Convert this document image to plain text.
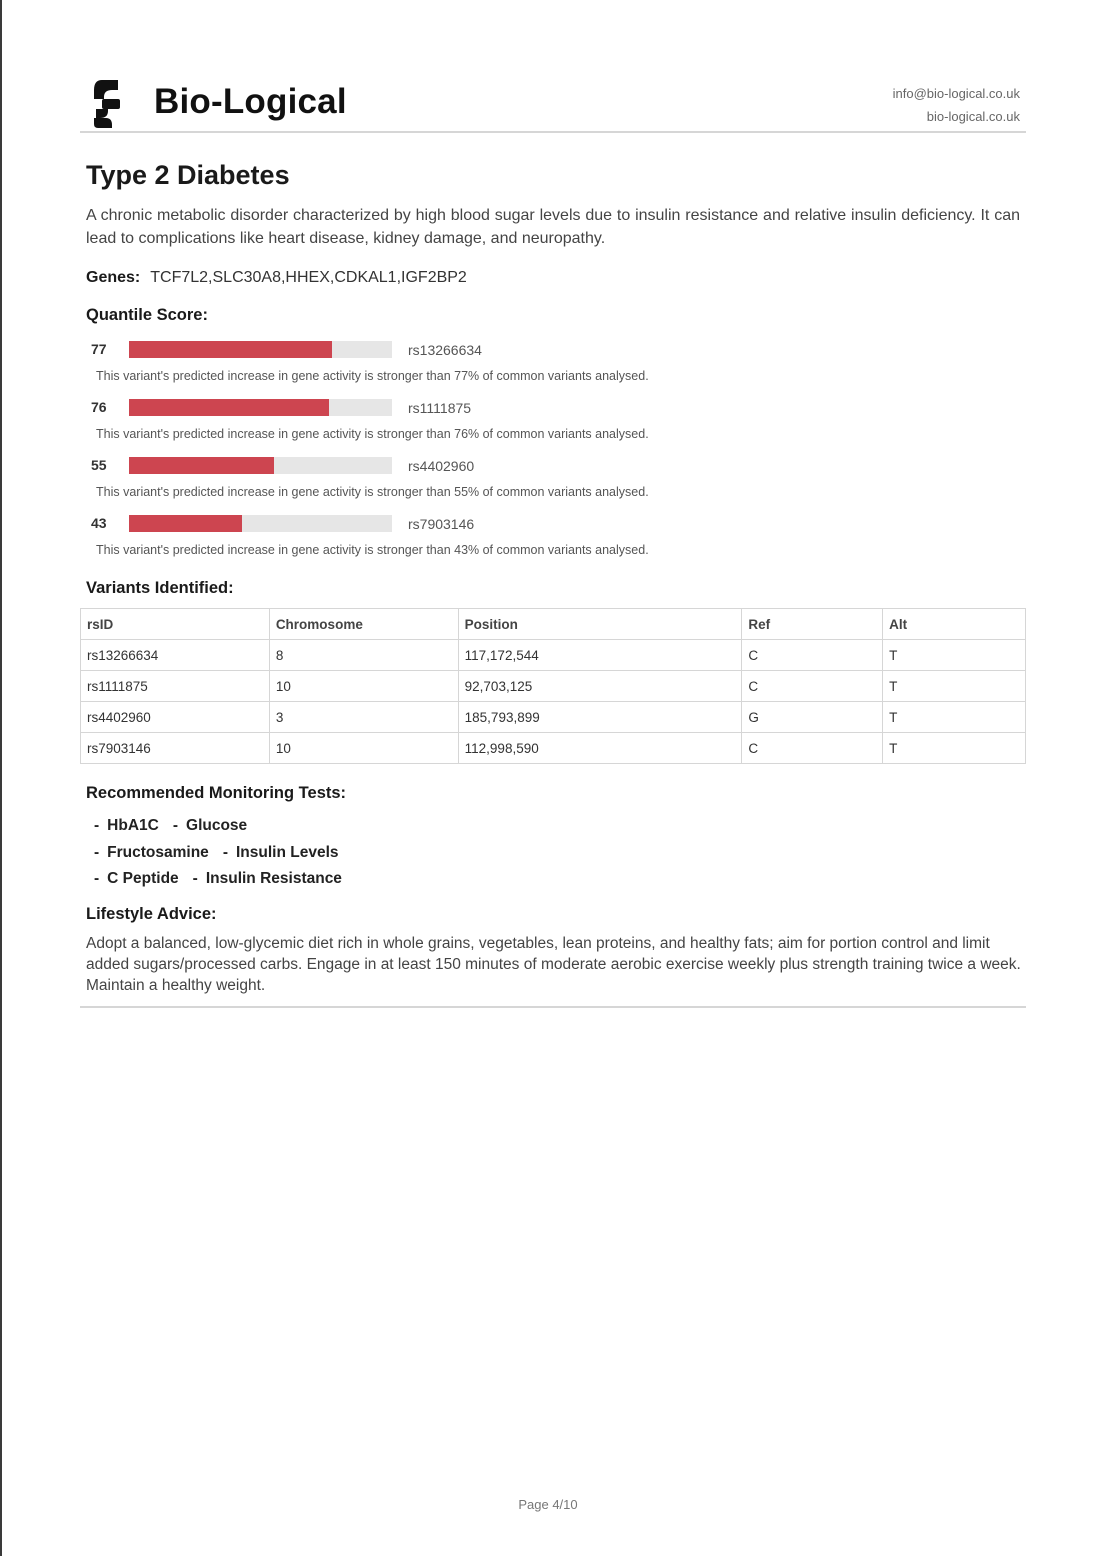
Bio-Logical	info@bio-logical.co.uk
bio-logical.co.uk
Type 2 Diabetes

A chronic metabolic disorder characterized by high blood sugar levels due to insulin resistance and relative insulin deficiency. It can lead to complications like heart disease, kidney damage, and neuropathy.

Genes: TCF7L2,SLC30A8,HHEX,CDKAL1,IGF2BP2
Quantile Score:
77	rs13266634
This variant's predicted increase in gene activity is stronger than 77% of common variants analysed.
76	rs1111875
This variant's predicted increase in gene activity is stronger than 76% of common variants analysed.
55	rs4402960
This variant's predicted increase in gene activity is stronger than 55% of common variants analysed.
43	rs7903146
This variant's predicted increase in gene activity is stronger than 43% of common variants analysed.
Variants Identified:
rsID	Chromosome	Position	Ref	Alt
rs13266634	8	117,172,544	C	T
rs1111875	10	92,703,125	C	T
rs4402960	3	185,793,899	G	T
rs7903146	10	112,998,590	C	T
Recommended Monitoring Tests:
- HbA1C - Glucose
- Fructosamine - Insulin Levels
- C Peptide - Insulin Resistance
Lifestyle Advice:

Adopt a balanced, low-glycemic diet rich in whole grains, vegetables, lean proteins, and healthy fats; aim for portion control and limit added sugars/processed carbs. Engage in at least 150 minutes of moderate aerobic exercise weekly plus strength training twice a week. Maintain a healthy weight.

Page 4/10
